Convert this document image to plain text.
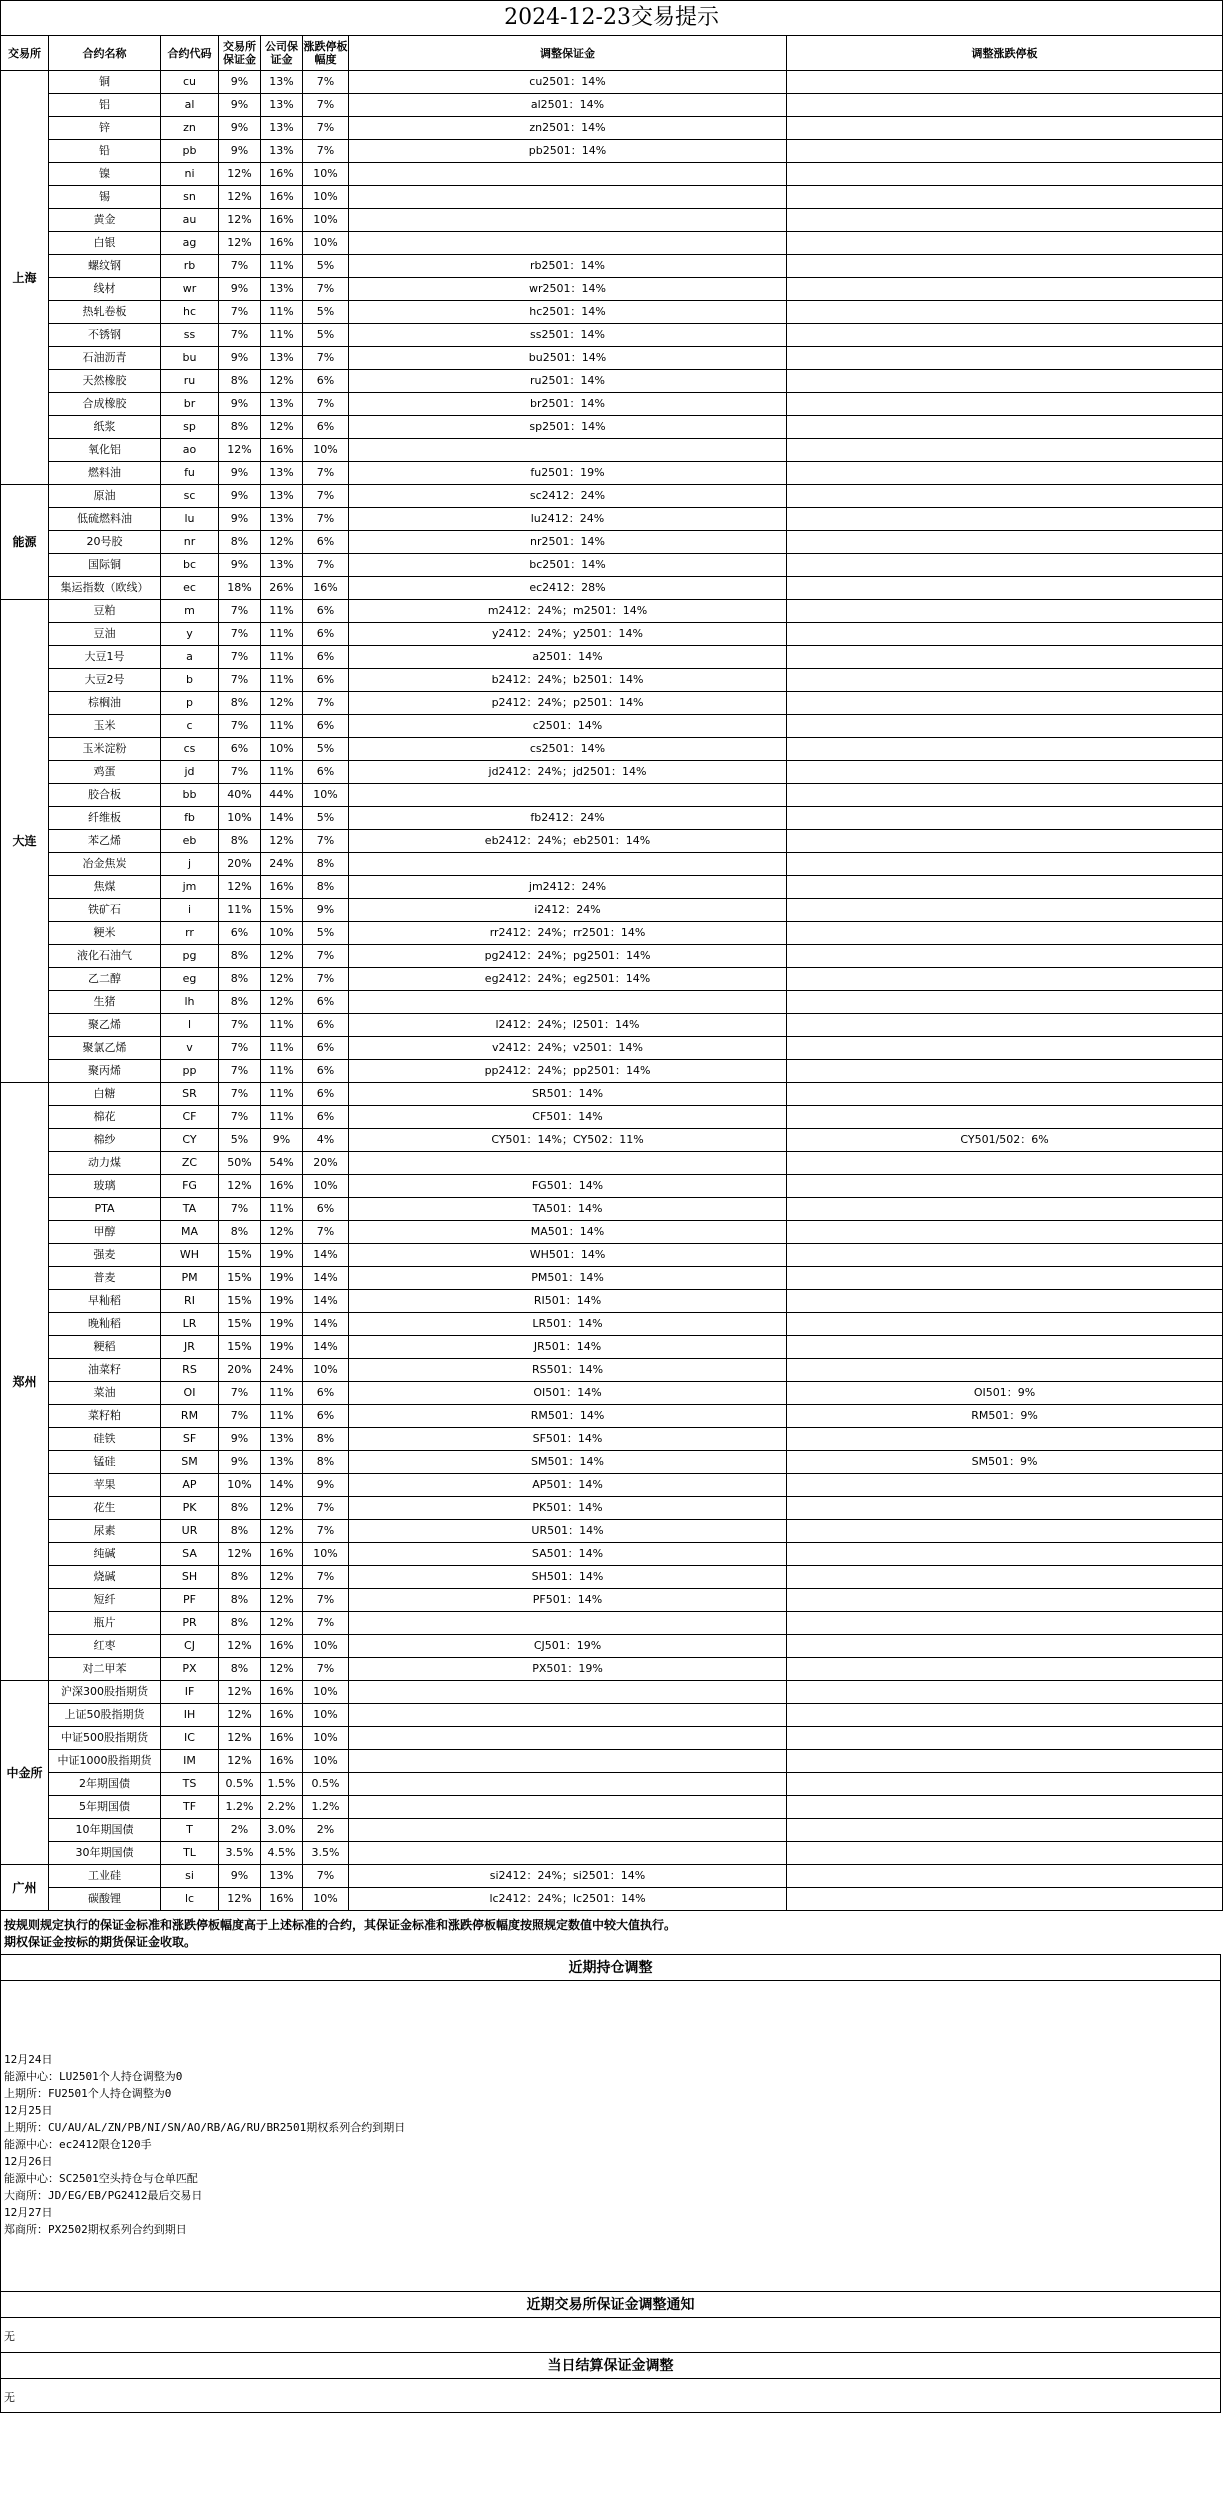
2024-12-23交易提示							
交易所	合约名称	合约代码	交易所保证金	公司保证金	涨跌停板幅度	调整保证金	调整涨跌停板
上海	铜	cu	9%	13%	7%	cu2501：14%	
	铝	al	9%	13%	7%	al2501：14%	
	锌	zn	9%	13%	7%	zn2501：14%	
	铅	pb	9%	13%	7%	pb2501：14%	
	镍	ni	12%	16%	10%		
	锡	sn	12%	16%	10%		
	黄金	au	12%	16%	10%		
	白银	ag	12%	16%	10%		
	螺纹钢	rb	7%	11%	5%	rb2501：14%	
	线材	wr	9%	13%	7%	wr2501：14%	
	热轧卷板	hc	7%	11%	5%	hc2501：14%	
	不锈钢	ss	7%	11%	5%	ss2501：14%	
	石油沥青	bu	9%	13%	7%	bu2501：14%	
	天然橡胶	ru	8%	12%	6%	ru2501：14%	
	合成橡胶	br	9%	13%	7%	br2501：14%	
	纸浆	sp	8%	12%	6%	sp2501：14%	
	氧化铝	ao	12%	16%	10%		
	燃料油	fu	9%	13%	7%	fu2501：19%	
能源	原油	sc	9%	13%	7%	sc2412：24%	
	低硫燃料油	lu	9%	13%	7%	lu2412：24%	
	20号胶	nr	8%	12%	6%	nr2501：14%	
	国际铜	bc	9%	13%	7%	bc2501：14%	
	集运指数（欧线）	ec	18%	26%	16%	ec2412：28%	
大连	豆粕	m	7%	11%	6%	m2412：24%；m2501：14%	
	豆油	y	7%	11%	6%	y2412：24%；y2501：14%	
	大豆1号	a	7%	11%	6%	a2501：14%	
	大豆2号	b	7%	11%	6%	b2412：24%；b2501：14%	
	棕榈油	p	8%	12%	7%	p2412：24%；p2501：14%	
	玉米	c	7%	11%	6%	c2501：14%	
	玉米淀粉	cs	6%	10%	5%	cs2501：14%	
	鸡蛋	jd	7%	11%	6%	jd2412：24%；jd2501：14%	
	胶合板	bb	40%	44%	10%		
	纤维板	fb	10%	14%	5%	fb2412：24%	
	苯乙烯	eb	8%	12%	7%	eb2412：24%；eb2501：14%	
	冶金焦炭	j	20%	24%	8%		
	焦煤	jm	12%	16%	8%	jm2412：24%	
	铁矿石	i	11%	15%	9%	i2412：24%	
	粳米	rr	6%	10%	5%	rr2412：24%；rr2501：14%	
	液化石油气	pg	8%	12%	7%	pg2412：24%；pg2501：14%	
	乙二醇	eg	8%	12%	7%	eg2412：24%；eg2501：14%	
	生猪	lh	8%	12%	6%		
	聚乙烯	l	7%	11%	6%	l2412：24%；l2501：14%	
	聚氯乙烯	v	7%	11%	6%	v2412：24%；v2501：14%	
	聚丙烯	pp	7%	11%	6%	pp2412：24%；pp2501：14%	
郑州	白糖	SR	7%	11%	6%	SR501：14%	
	棉花	CF	7%	11%	6%	CF501：14%	
	棉纱	CY	5%	9%	4%	CY501：14%；CY502：11%	CY501/502：6%
	动力煤	ZC	50%	54%	20%		
	玻璃	FG	12%	16%	10%	FG501：14%	
	PTA	TA	7%	11%	6%	TA501：14%	
	甲醇	MA	8%	12%	7%	MA501：14%	
	强麦	WH	15%	19%	14%	WH501：14%	
	普麦	PM	15%	19%	14%	PM501：14%	
	早籼稻	RI	15%	19%	14%	RI501：14%	
	晚籼稻	LR	15%	19%	14%	LR501：14%	
	粳稻	JR	15%	19%	14%	JR501：14%	
	油菜籽	RS	20%	24%	10%	RS501：14%	
	菜油	OI	7%	11%	6%	OI501：14%	OI501：9%
	菜籽粕	RM	7%	11%	6%	RM501：14%	RM501：9%
	硅铁	SF	9%	13%	8%	SF501：14%	
	锰硅	SM	9%	13%	8%	SM501：14%	SM501：9%
	苹果	AP	10%	14%	9%	AP501：14%	
	花生	PK	8%	12%	7%	PK501：14%	
	尿素	UR	8%	12%	7%	UR501：14%	
	纯碱	SA	12%	16%	10%	SA501：14%	
	烧碱	SH	8%	12%	7%	SH501：14%	
	短纤	PF	8%	12%	7%	PF501：14%	
	瓶片	PR	8%	12%	7%		
	红枣	CJ	12%	16%	10%	CJ501：19%	
	对二甲苯	PX	8%	12%	7%	PX501：19%	
中金所	沪深300股指期货	IF	12%	16%	10%		
	上证50股指期货	IH	12%	16%	10%		
	中证500股指期货	IC	12%	16%	10%		
	中证1000股指期货	IM	12%	16%	10%		
	2年期国债	TS	0.5%	1.5%	0.5%		
	5年期国债	TF	1.2%	2.2%	1.2%		
	10年期国债	T	2%	3.0%	2%		
	30年期国债	TL	3.5%	4.5%	3.5%		
广州	工业硅	si	9%	13%	7%	si2412：24%；si2501：14%	
	碳酸锂	lc	12%	16%	10%	lc2412：24%；lc2501：14%	
按规则规定执行的保证金标准和涨跌停板幅度高于上述标准的合约，其保证金标准和涨跌停板幅度按照规定数值中较大值执行。
期权保证金按标的期货保证金收取。
近期持仓调整
12月24日
能源中心：LU2501个人持仓调整为0
上期所：FU2501个人持仓调整为0
12月25日
上期所：CU/AU/AL/ZN/PB/NI/SN/AO/RB/AG/RU/BR2501期权系列合约到期日
能源中心：ec2412限仓120手
12月26日
能源中心：SC2501空头持仓与仓单匹配
大商所：JD/EG/EB/PG2412最后交易日
12月27日
郑商所：PX2502期权系列合约到期日
近期交易所保证金调整通知
无
当日结算保证金调整
无
